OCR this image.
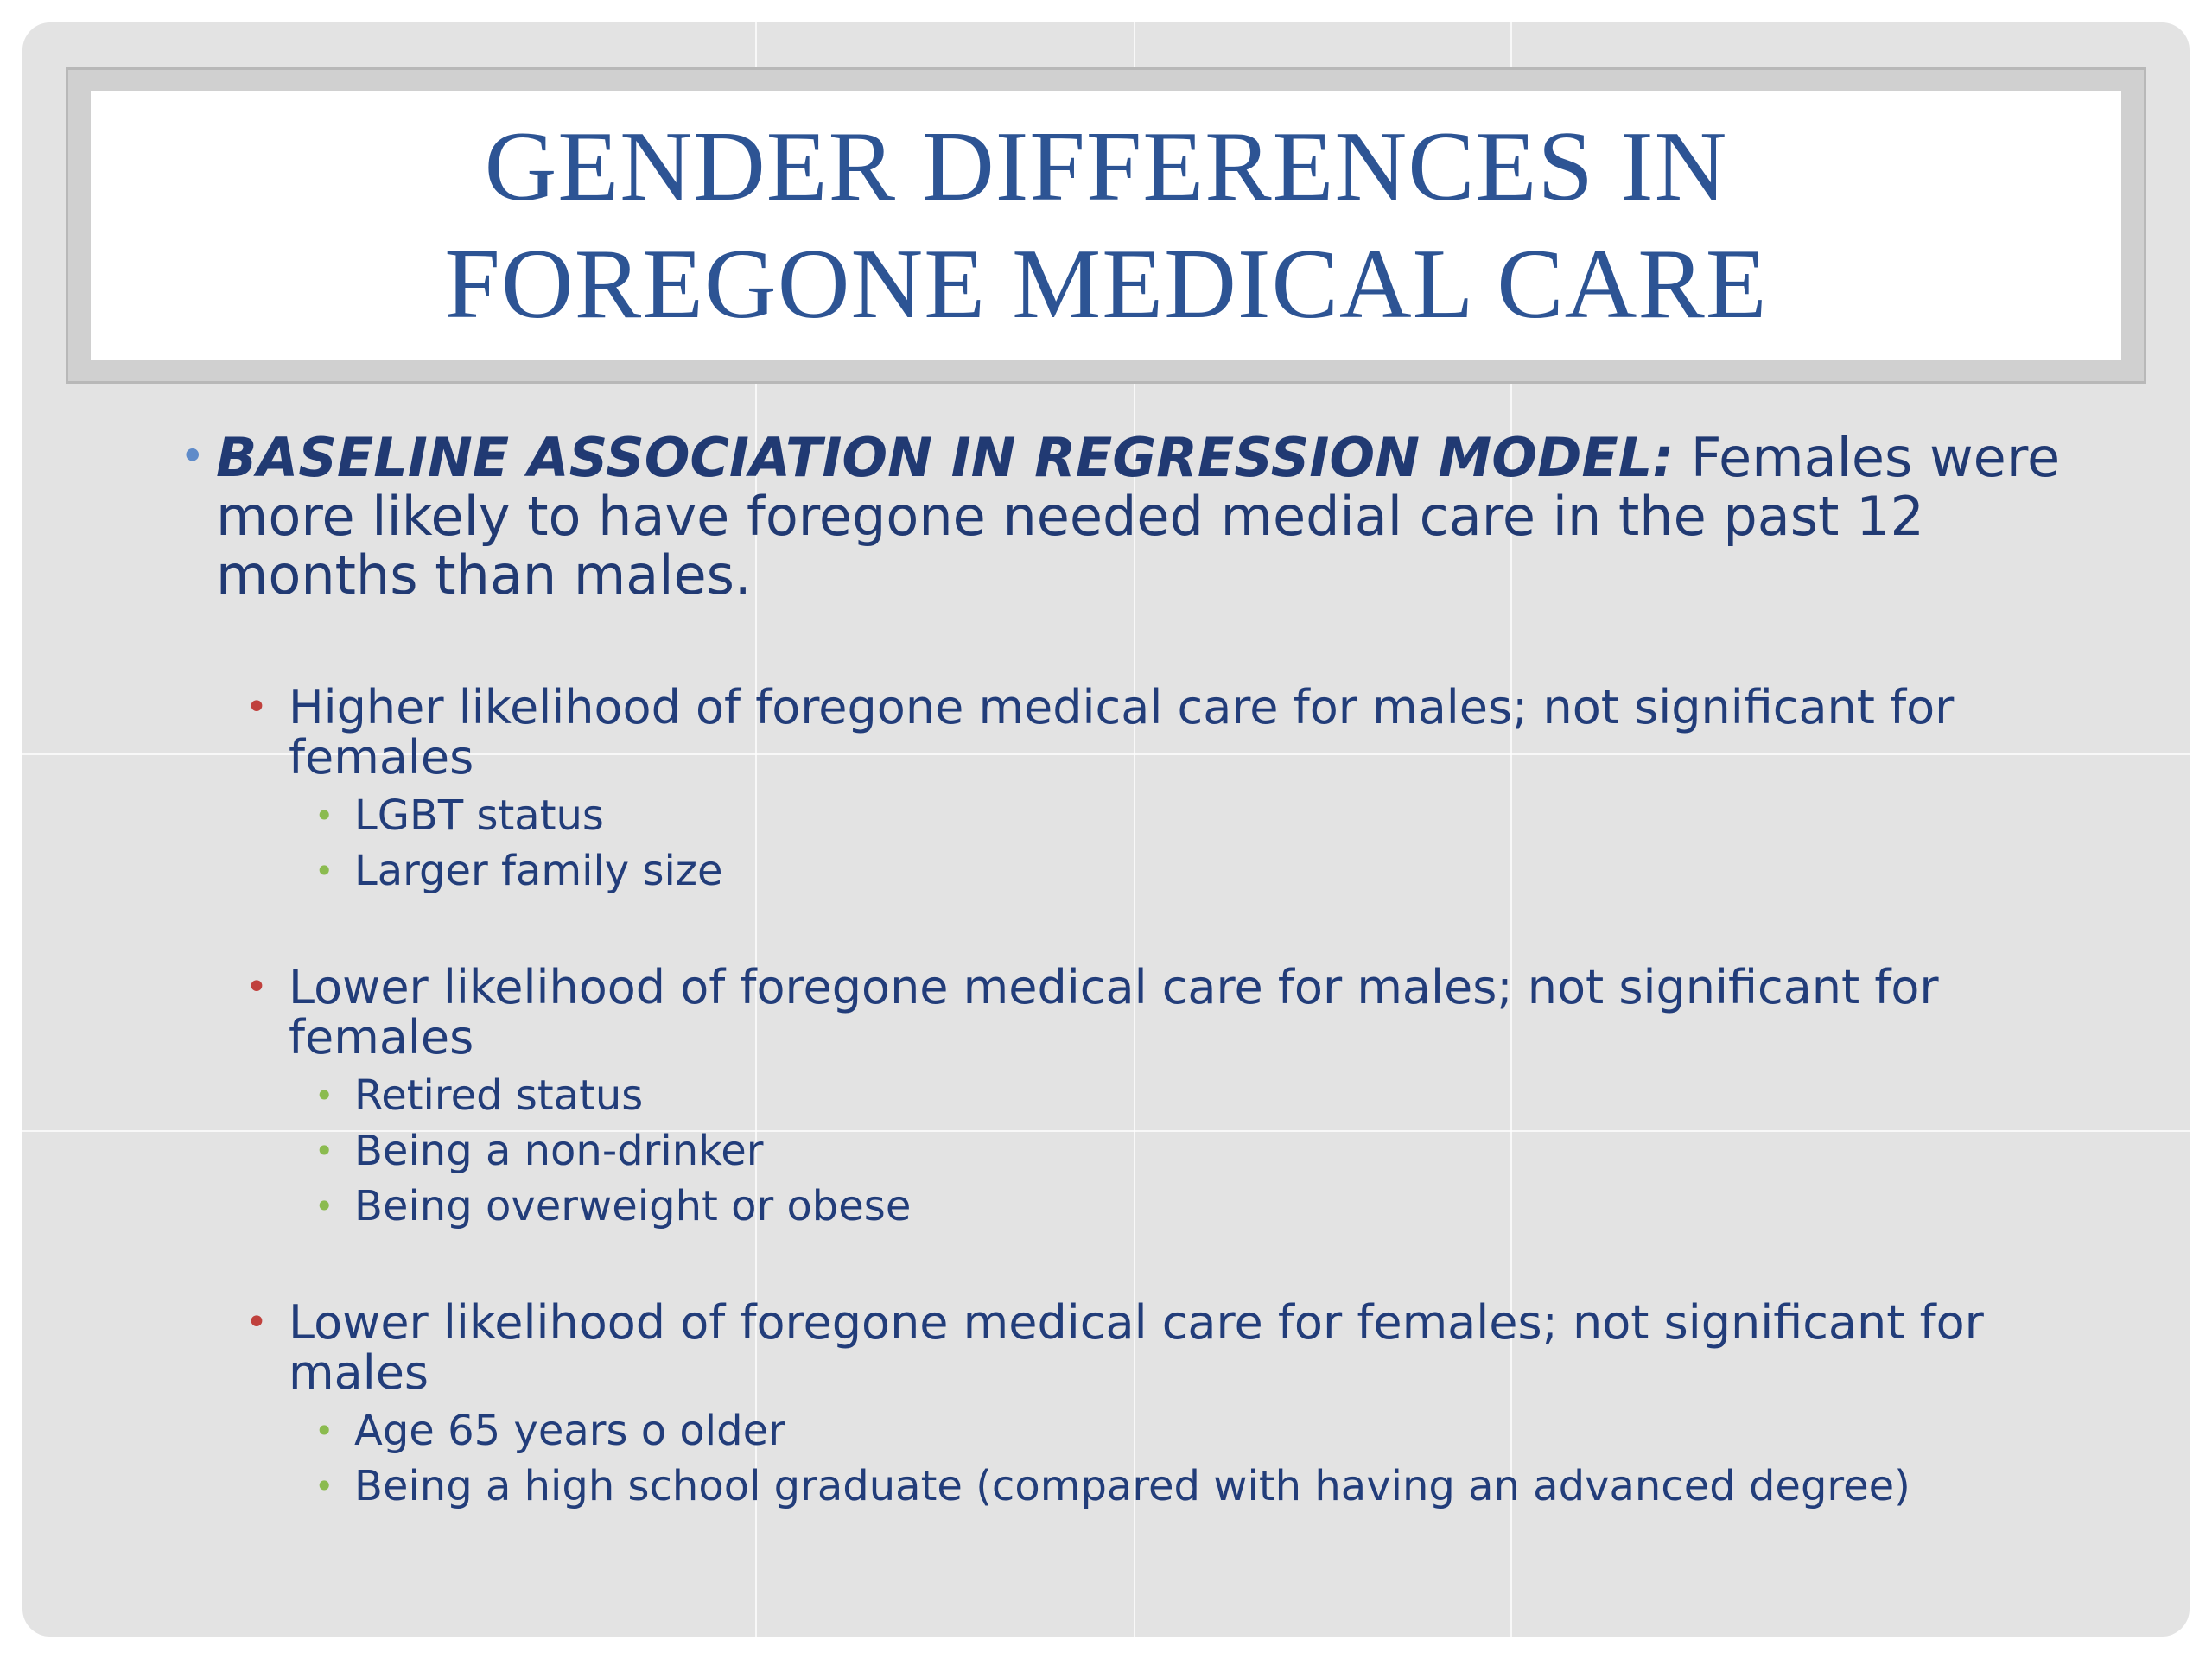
GENDER DIFFERENCES IN
FOREGONE MEDICAL CARE
• BASELINE ASSOCIATION IN REGRESSION MODEL: Females were more likely to have foregone needed medial care in the past 12 months than males.
• Higher likelihood of foregone medical care for males; not significant for females
• LGBT status
• Larger family size
• Lower likelihood of foregone medical care for males; not significant for females
• Retired status
• Being a non-drinker
• Being overweight or obese
• Lower likelihood of foregone medical care for females; not significant for males
• Age 65 years o older
• Being a high school graduate (compared with having an advanced degree)
